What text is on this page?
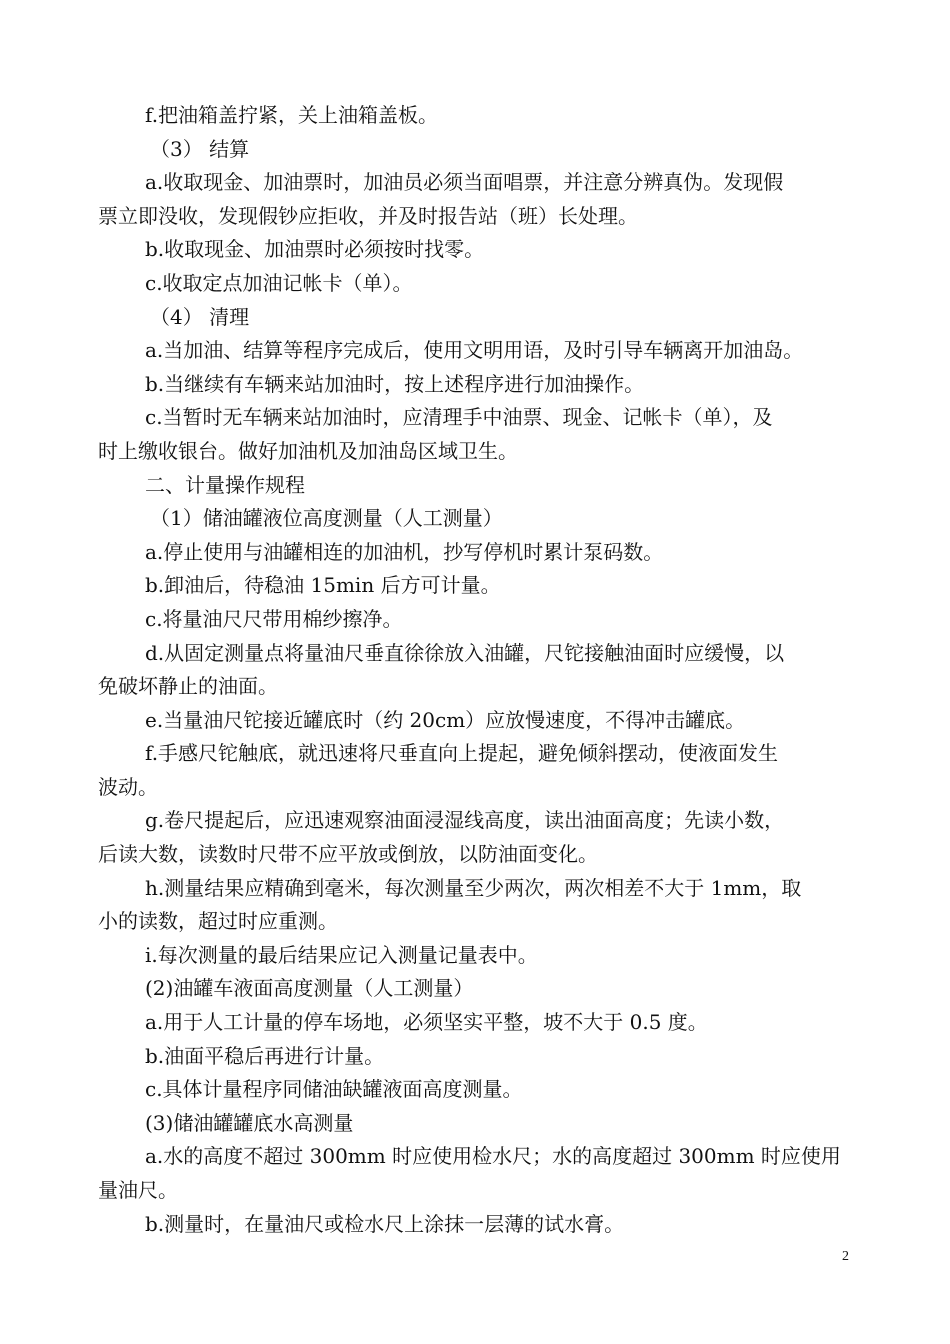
f.把油箱盖拧紧，关上油箱盖板。
（3） 结算
a.收取现金、加油票时，加油员必须当面唱票，并注意分辨真伪。发现假
票立即没收，发现假钞应拒收，并及时报告站（班）长处理。
b.收取现金、加油票时必须按时找零。
c.收取定点加油记帐卡（单）。
（4） 清理
a.当加油、结算等程序完成后，使用文明用语，及时引导车辆离开加油岛。
b.当继续有车辆来站加油时，按上述程序进行加油操作。
c.当暂时无车辆来站加油时，应清理手中油票、现金、记帐卡（单），及
时上缴收银台。做好加油机及加油岛区域卫生。
二、计量操作规程
（1）储油罐液位高度测量（人工测量）
a.停止使用与油罐相连的加油机，抄写停机时累计泵码数。
b.卸油后，待稳油 15min 后方可计量。
c.将量油尺尺带用棉纱擦净。
d.从固定测量点将量油尺垂直徐徐放入油罐，尺铊接触油面时应缓慢，以
免破坏静止的油面。
e.当量油尺铊接近罐底时（约 20cm）应放慢速度，不得冲击罐底。
f.手感尺铊触底，就迅速将尺垂直向上提起，避免倾斜摆动，使液面发生
波动。
g.卷尺提起后，应迅速观察油面浸湿线高度，读出油面高度；先读小数，
后读大数，读数时尺带不应平放或倒放，以防油面变化。
h.测量结果应精确到毫米，每次测量至少两次，两次相差不大于 1mm，取
小的读数，超过时应重测。
i.每次测量的最后结果应记入测量记量表中。
(2)油罐车液面高度测量（人工测量）
a.用于人工计量的停车场地，必须坚实平整，坡不大于 0.5 度。
b.油面平稳后再进行计量。
c.具体计量程序同储油缺罐液面高度测量。
(3)储油罐罐底水高测量
a.水的高度不超过 300mm 时应使用检水尺；水的高度超过 300mm 时应使用
量油尺。
b.测量时，在量油尺或检水尺上涂抹一层薄的试水膏。
2
